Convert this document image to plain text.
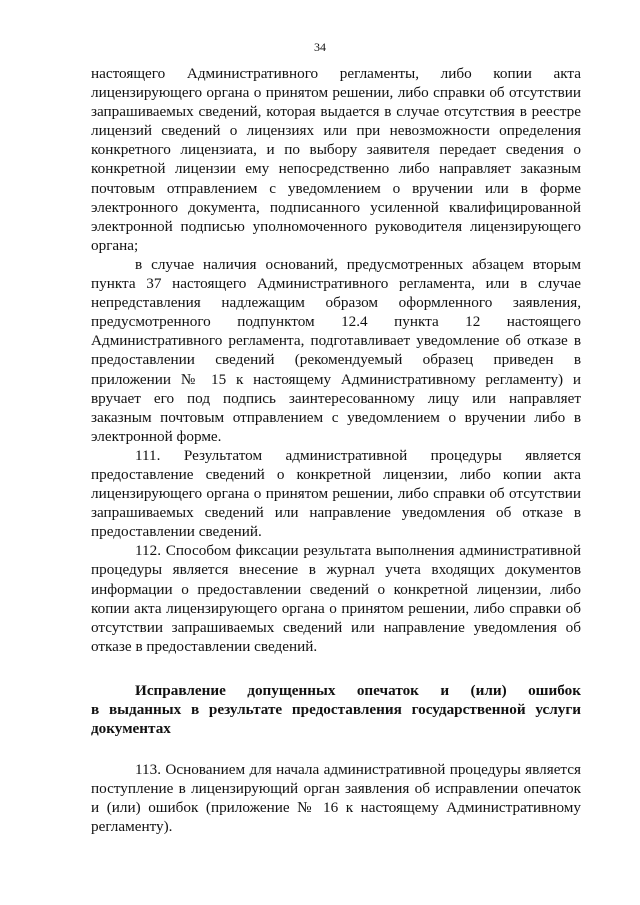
34

настоящего Административного регламенты, либо копии акта лицензирующего органа о принятом решении, либо справки об отсутствии запрашиваемых сведений, которая выдается в случае отсутствия в реестре лицензий сведений о лицензиях или при невозможности определения конкретного лицензиата, и по выбору заявителя передает сведения о конкретной лицензии ему непосредственно либо направляет заказным почтовым отправлением с уведомлением о вручении или в форме электронного документа, подписанного усиленной квалифицированной электронной подписью уполномоченного руководителя лицензирующего органа;

в случае наличия оснований, предусмотренных абзацем вторым пункта 37 настоящего Административного регламента, или в случае непредставления надлежащим образом оформленного заявления, предусмотренного подпунктом 12.4 пункта 12 настоящего Административного регламента, подготавливает уведомление об отказе в предоставлении сведений (рекомендуемый образец приведен в приложении № 15 к настоящему Административному регламенту) и вручает его под подпись заинтересованному лицу или направляет заказным почтовым отправлением с уведомлением о вручении либо в электронной форме.

111. Результатом административной процедуры является предоставление сведений о конкретной лицензии, либо копии акта лицензирующего органа о принятом решении, либо справки об отсутствии запрашиваемых сведений или направление уведомления об отказе в предоставлении сведений.

112. Способом фиксации результата выполнения административной процедуры является внесение в журнал учета входящих документов информации о предоставлении сведений о конкретной лицензии, либо копии акта лицензирующего органа о принятом решении, либо справки об отсутствии запрашиваемых сведений или направление уведомления об отказе в предоставлении сведений.

Исправление допущенных опечаток и (или) ошибок
в выданных в результате предоставления государственной услуги документах

113. Основанием для начала административной процедуры является поступление в лицензирующий орган заявления об исправлении опечаток и (или) ошибок (приложение № 16 к настоящему Административному регламенту).
